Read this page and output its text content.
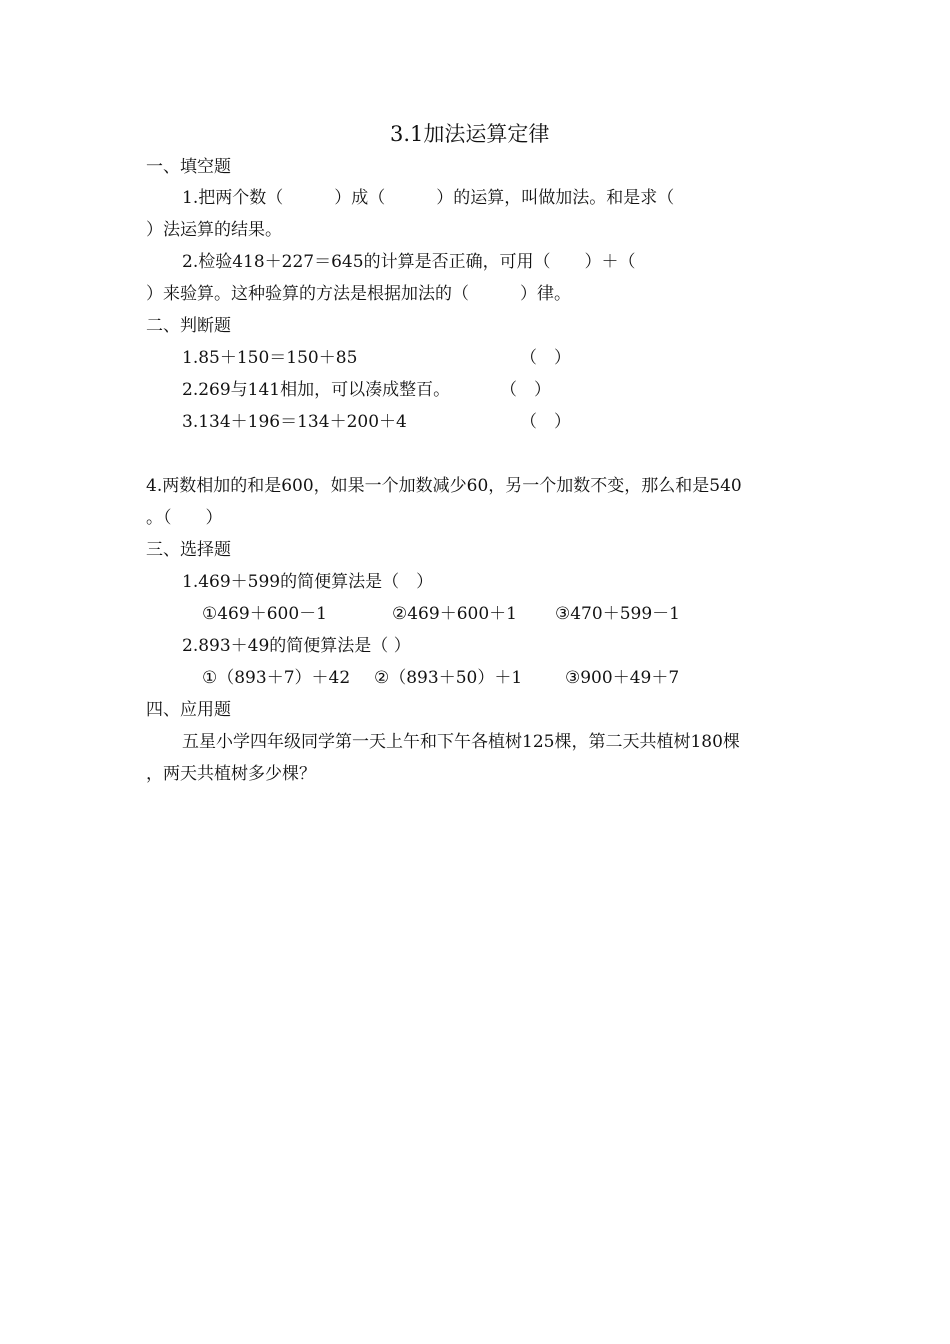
3.1加法运算定律
一、填空题
1.把两个数（　　　）成（　　　）的运算，叫做加法。和是求（
）法运算的结果。
2.检验418＋227＝645的计算是否正确，可用（　　）＋（
）来验算。这种验算的方法是根据加法的（　　　）律。
二、判断题
1.85＋150＝150＋85	（　）
2.269与141相加，可以凑成整百。	（　）
3.134＋196＝134＋200＋4	（　）
4.两数相加的和是600，如果一个加数减少60，另一个加数不变，那么和是540
。（　　）
三、选择题
1.469＋599的简便算法是（　）
①469＋600－1	②469＋600＋1 ③470＋599－1
2.893＋49的简便算法是（ ）
①（893＋7）＋42 ②（893＋50）＋1	③900＋49＋7
四、应用题
五星小学四年级同学第一天上午和下午各植树125棵，第二天共植树180棵
，两天共植树多少棵？
